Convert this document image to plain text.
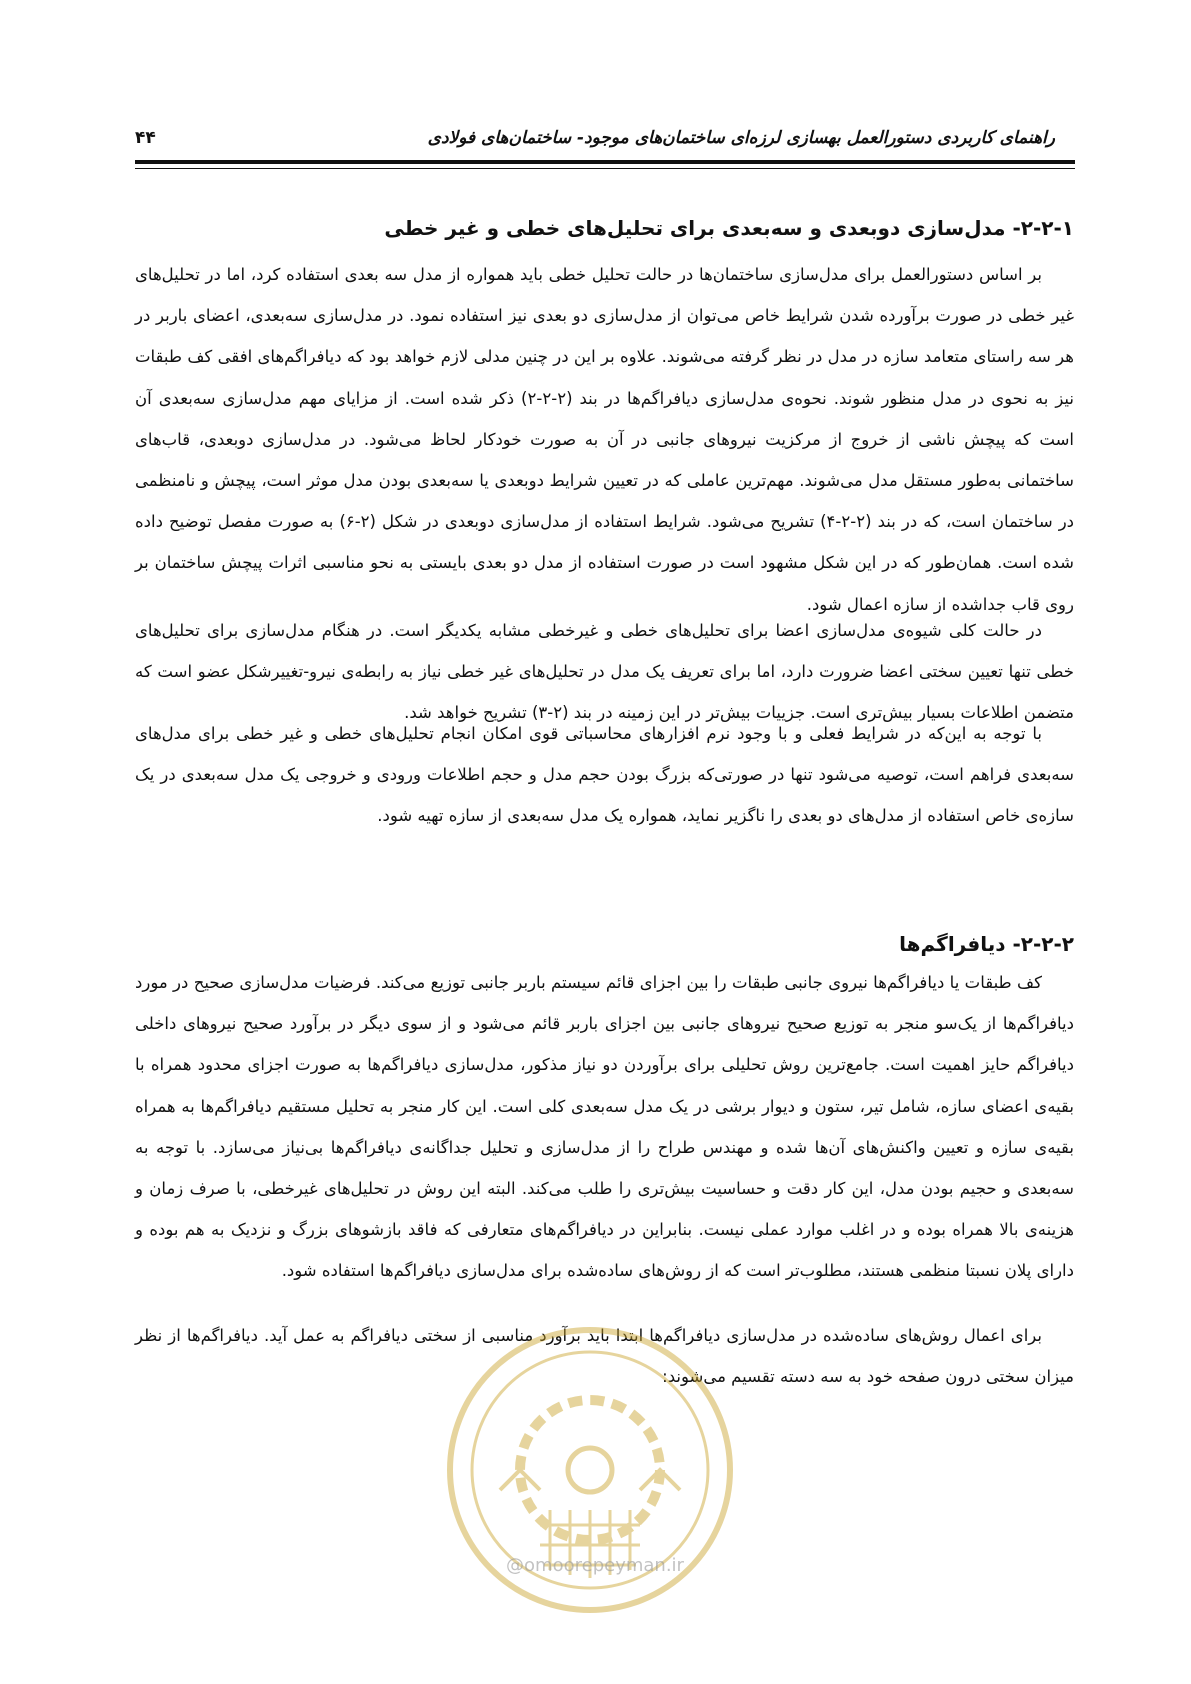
راهنمای کاربردی دستورالعمل بهسازی لرزه‌ای ساختمان‌های موجود- ساختمان‌های فولادی
۴۴
۲-۲-۱- مدل‌سازی دوبعدی و سه‌بعدی برای تحلیل‌های خطی و غیر خطی

بر اساس دستورالعمل برای مدل‌سازی ساختمان‌ها در حالت تحلیل خطی باید همواره از مدل سه بعدی استفاده کرد، اما در تحلیل‌های غیر خطی در صورت برآورده شدن شرایط خاص می‌توان از مدل‌سازی دو بعدی نیز استفاده نمود. در مدل‌سازی سه‌بعدی، اعضای باربر در هر سه راستای متعامد سازه در مدل در نظر گرفته می‌شوند. علاوه بر این در چنین مدلی لازم خواهد بود که دیافراگم‌های افقی کف طبقات نیز به نحوی در مدل منظور شوند. نحوه‌ی مدل‌سازی دیافراگم‌ها در بند (۲-۲-۲) ذکر شده است. از مزایای مهم مدل‌سازی سه‌بعدی آن است که پیچش ناشی از خروج از مرکزیت نیروهای جانبی در آن به صورت خودکار لحاظ می‌شود. در مدل‌سازی دوبعدی، قاب‌های ساختمانی به‌طور مستقل مدل می‌شوند. مهم‌ترین عاملی که در تعیین شرایط دوبعدی یا سه‌بعدی بودن مدل موثر است، پیچش و نامنظمی در ساختمان است، که در بند (۲-۲-۴) تشریح می‌شود. شرایط استفاده از مدل‌سازی دوبعدی در شکل (۲-۶) به صورت مفصل توضیح داده شده است. همان‌طور که در این شکل مشهود است در صورت استفاده از مدل دو بعدی بایستی به نحو مناسبی اثرات پیچش ساختمان بر روی قاب جداشده از سازه اعمال شود.

در حالت کلی شیوه‌ی مدل‌سازی اعضا برای تحلیل‌های خطی و غیرخطی مشابه یکدیگر است. در هنگام مدل‌سازی برای تحلیل‌های خطی تنها تعیین سختی اعضا ضرورت دارد، اما برای تعریف یک مدل در تحلیل‌های غیر خطی نیاز به رابطه‌ی نیرو-تغییرشکل عضو است که متضمن اطلاعات بسیار بیش‌تری است. جزییات بیش‌تر در این زمینه در بند (۲-۳) تشریح خواهد شد.

با توجه به این‌که در شرایط فعلی و با وجود نرم افزارهای محاسباتی قوی امکان انجام تحلیل‌های خطی و غیر خطی برای مدل‌های سه‌بعدی فراهم است، توصیه می‌شود تنها در صورتی‌که بزرگ بودن حجم مدل و حجم اطلاعات ورودی و خروجی یک مدل سه‌بعدی در یک سازه‌ی خاص استفاده از مدل‌های دو بعدی را ناگزیر نماید، همواره یک مدل سه‌بعدی از سازه تهیه شود.

۲-۲-۲- دیافراگم‌ها

کف طبقات یا دیافراگم‌ها نیروی جانبی طبقات را بین اجزای قائم سیستم باربر جانبی توزیع می‌کند. فرضیات مدل‌سازی صحیح در مورد دیافراگم‌ها از یک‌سو منجر به توزیع صحیح نیروهای جانبی بین اجزای باربر قائم می‌شود و از سوی دیگر در برآورد صحیح نیروهای داخلی دیافراگم حایز اهمیت است. جامع‌ترین روش تحلیلی برای برآوردن دو نیاز مذکور، مدل‌سازی دیافراگم‌ها به صورت اجزای محدود همراه با بقیه‌ی اعضای سازه، شامل تیر، ستون و دیوار برشی در یک مدل سه‌بعدی کلی است. این کار منجر به تحلیل مستقیم دیافراگم‌ها به همراه بقیه‌ی سازه و تعیین واکنش‌های آن‌ها شده و مهندس طراح را از مدل‌سازی و تحلیل جداگانه‌ی دیافراگم‌ها بی‌نیاز می‌سازد. با توجه به سه‌بعدی و حجیم بودن مدل، این کار دقت و حساسیت بیش‌تری را طلب می‌کند. البته این روش در تحلیل‌های غیرخطی، با صرف زمان و هزینه‌ی بالا همراه بوده و در اغلب موارد عملی نیست. بنابراین در دیافراگم‌های متعارفی که فاقد بازشوهای بزرگ و نزدیک به هم بوده و دارای پلان نسبتا منظمی هستند، مطلوب‌تر است که از روش‌های ساده‌شده برای مدل‌سازی دیافراگم‌ها استفاده شود.

برای اعمال روش‌های ساده‌شده در مدل‌سازی دیافراگم‌ها ابتدا باید برآورد مناسبی از سختی دیافراگم به عمل آید. دیافراگم‌ها از نظر میزان سختی درون صفحه خود به سه دسته تقسیم می‌شوند:

@omoorepeyman.ir
